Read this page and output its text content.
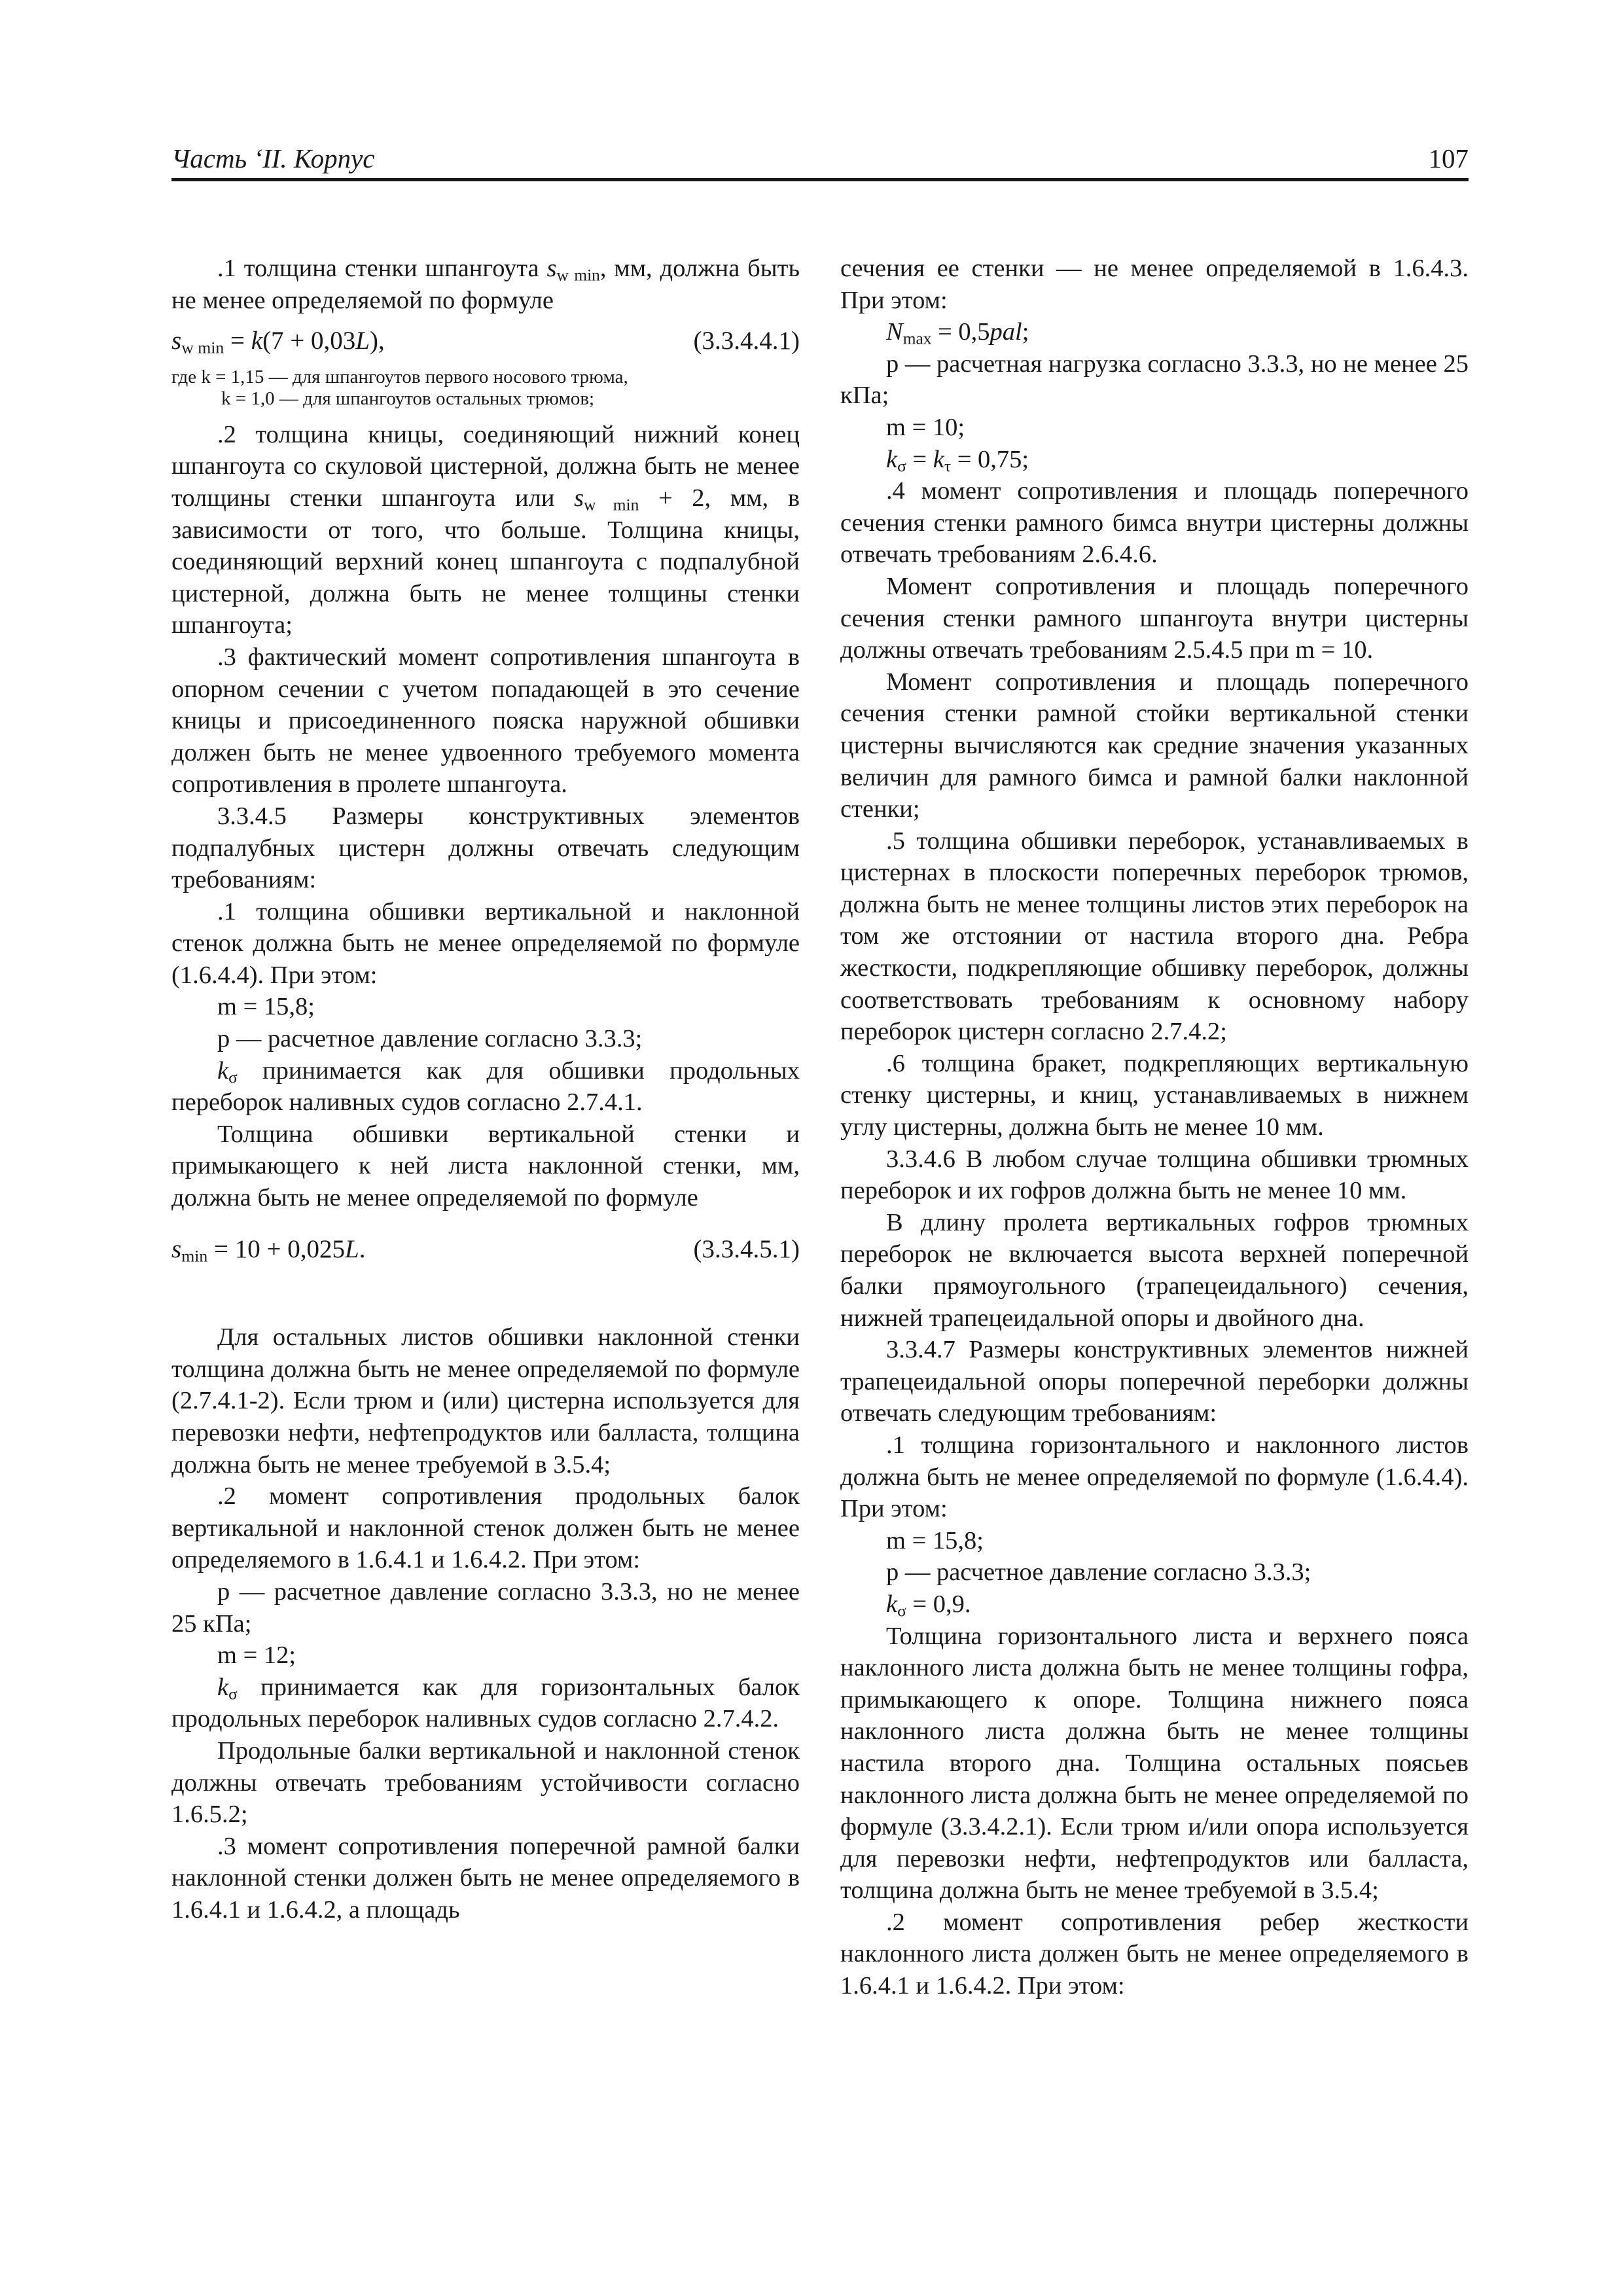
Часть ‘II. Корпус	107

.1 толщина стенки шпангоута $s_{w min}$, мм, должна быть не менее определяемой по формуле

$s_{w min} = k(7 + 0,03L)$,	(3.3.4.4.1)

где k = 1,15 — для шпангоутов первого носового трюма,
k = 1,0 — для шпангоутов остальных трюмов;

.2 толщина кницы, соединяющий нижний конец шпангоута со скуловой цистерной, должна быть не менее толщины стенки шпангоута или $s_{w min} + 2$, мм, в зависимости от того, что больше. Толщина кницы, соединяющий верхний конец шпангоута с подпалубной цистерной, должна быть не менее толщины стенки шпангоута;

.3 фактический момент сопротивления шпангоута в опорном сечении с учетом попадающей в это сечение кницы и присоединенного пояска наружной обшивки должен быть не менее удвоенного требуемого момента сопротивления в пролете шпангоута.

3.3.4.5 Размеры конструктивных элементов подпалубных цистерн должны отвечать следующим требованиям:

.1 толщина обшивки вертикальной и наклонной стенок должна быть не менее определяемой по формуле (1.6.4.4). При этом:

m = 15,8;

p — расчетное давление согласно 3.3.3;

$k_\sigma$ принимается как для обшивки продольных переборок наливных судов согласно 2.7.4.1.

Толщина обшивки вертикальной стенки и примыкающего к ней листа наклонной стенки, мм, должна быть не менее определяемой по формуле

$s_{min} = 10 + 0,025L$.	(3.3.4.5.1)

Для остальных листов обшивки наклонной стенки толщина должна быть не менее определяемой по формуле (2.7.4.1-2). Если трюм и (или) цистерна используется для перевозки нефти, нефтепродуктов или балласта, толщина должна быть не менее требуемой в 3.5.4;

.2 момент сопротивления продольных балок вертикальной и наклонной стенок должен быть не менее определяемого в 1.6.4.1 и 1.6.4.2. При этом:

p — расчетное давление согласно 3.3.3, но не менее 25 кПа;

m = 12;

$k_\sigma$ принимается как для горизонтальных балок продольных переборок наливных судов согласно 2.7.4.2.

Продольные балки вертикальной и наклонной стенок должны отвечать требованиям устойчивости согласно 1.6.5.2;

.3 момент сопротивления поперечной рамной балки наклонной стенки должен быть не менее определяемого в 1.6.4.1 и 1.6.4.2, а площадь

сечения ее стенки — не менее определяемой в 1.6.4.3. При этом:

$N_{max} = 0,5pal$;

p — расчетная нагрузка согласно 3.3.3, но не менее 25 кПа;

m = 10;

$k_\sigma = k_\tau = 0,75$;

.4 момент сопротивления и площадь поперечного сечения стенки рамного бимса внутри цистерны должны отвечать требованиям 2.6.4.6.

Момент сопротивления и площадь поперечного сечения стенки рамного шпангоута внутри цистерны должны отвечать требованиям 2.5.4.5 при m = 10.

Момент сопротивления и площадь поперечного сечения стенки рамной стойки вертикальной стенки цистерны вычисляются как средние значения указанных величин для рамного бимса и рамной балки наклонной стенки;

.5 толщина обшивки переборок, устанавливаемых в цистернах в плоскости поперечных переборок трюмов, должна быть не менее толщины листов этих переборок на том же отстоянии от настила второго дна. Ребра жесткости, подкрепляющие обшивку переборок, должны соответствовать требованиям к основному набору переборок цистерн согласно 2.7.4.2;

.6 толщина бракет, подкрепляющих вертикальную стенку цистерны, и книц, устанавливаемых в нижнем углу цистерны, должна быть не менее 10 мм.

3.3.4.6 В любом случае толщина обшивки трюмных переборок и их гофров должна быть не менее 10 мм.

В длину пролета вертикальных гофров трюмных переборок не включается высота верхней поперечной балки прямоугольного (трапецеидального) сечения, нижней трапецеидальной опоры и двойного дна.

3.3.4.7 Размеры конструктивных элементов нижней трапецеидальной опоры поперечной переборки должны отвечать следующим требованиям:

.1 толщина горизонтального и наклонного листов должна быть не менее определяемой по формуле (1.6.4.4). При этом:

m = 15,8;

p — расчетное давление согласно 3.3.3;

$k_\sigma = 0,9$.

Толщина горизонтального листа и верхнего пояса наклонного листа должна быть не менее толщины гофра, примыкающего к опоре. Толщина нижнего пояса наклонного листа должна быть не менее толщины настила второго дна. Толщина остальных поясьев наклонного листа должна быть не менее определяемой по формуле (3.3.4.2.1). Если трюм и/или опора используется для перевозки нефти, нефтепродуктов или балласта, толщина должна быть не менее требуемой в 3.5.4;

.2 момент сопротивления ребер жесткости наклонного листа должен быть не менее определяемого в 1.6.4.1 и 1.6.4.2. При этом:
